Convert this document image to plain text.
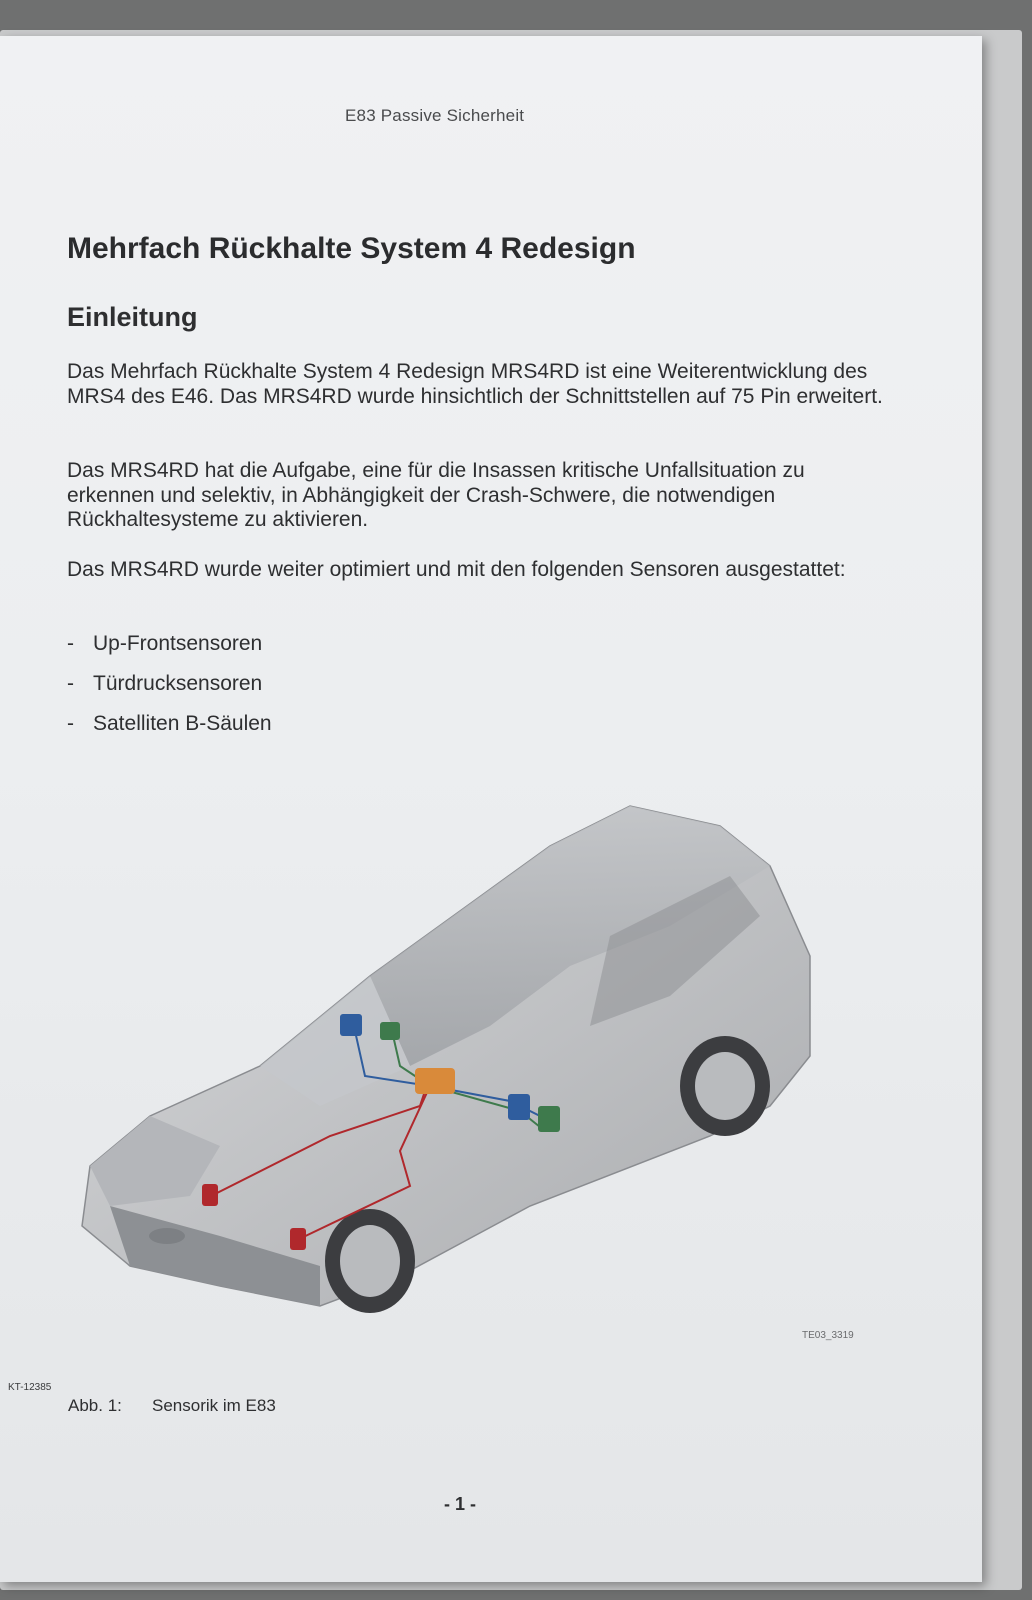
E83 Passive Sicherheit
Mehrfach Rückhalte System 4 Redesign
Einleitung

Das Mehrfach Rückhalte System 4 Redesign MRS4RD ist eine Weiterentwicklung des MRS4 des E46. Das MRS4RD wurde hinsichtlich der Schnittstellen auf 75 Pin erweitert.

Das MRS4RD hat die Aufgabe, eine für die Insassen kritische Unfallsituation zu erkennen und selektiv, in Abhängigkeit der Crash-Schwere, die notwendigen Rückhaltesysteme zu aktivieren.

Das MRS4RD wurde weiter optimiert und mit den folgenden Sensoren ausgestattet:

- Up-Frontsensoren
- Türdrucksensoren
- Satelliten B-Säulen
TE03_3319
KT-12385
Abb. 1: Sensorik im E83
- 1 -
